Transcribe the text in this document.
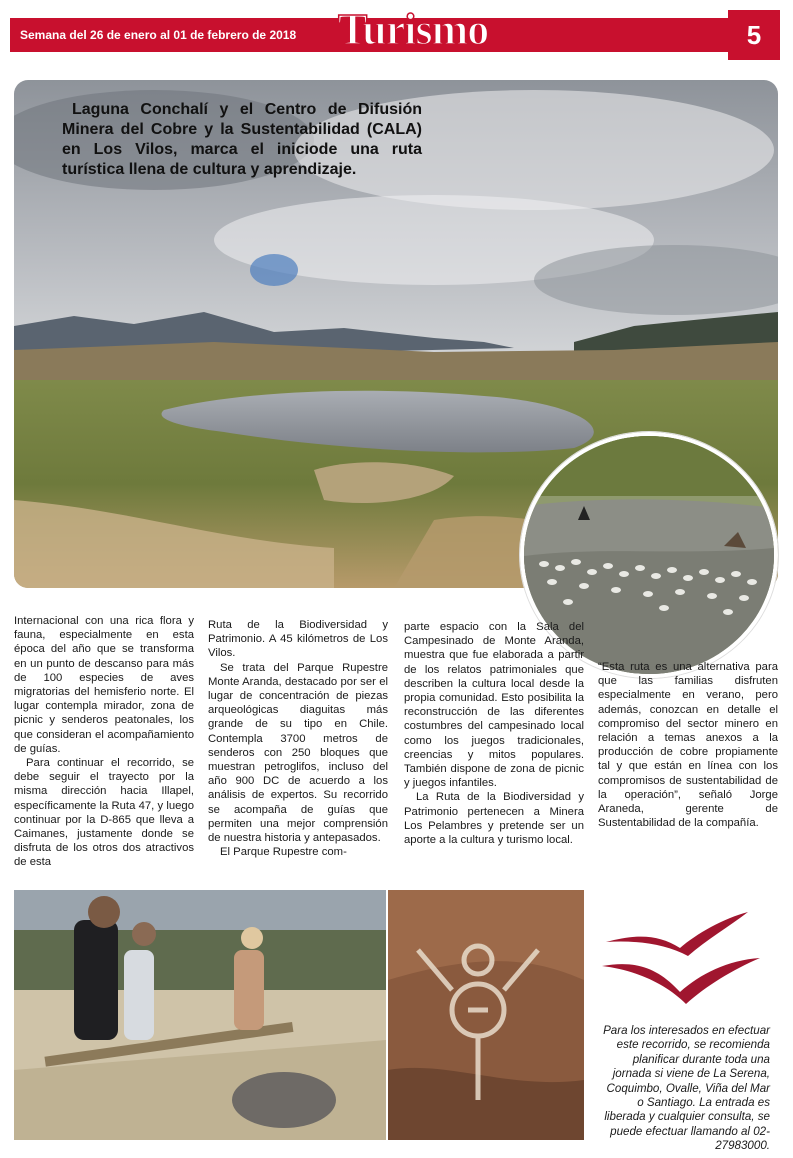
Semana del 26 de enero al 01 de febrero de 2018 Turismo	5
Laguna Conchalí y el Centro de Difusión Minera del Cobre y la Sustentabilidad (CALA) en Los Vilos, marca el iniciode una ruta turística llena de cultura y aprendizaje.

Internacional con una rica flora y fauna, especialmente en esta época del año que se transforma en un punto de descanso para más de 100 especies de aves migratorias del hemisferio norte. El lugar contempla mirador, zona de picnic y senderos peatonales, los que consideran el acompañamiento de guías.

Para continuar el recorrido, se debe seguir el trayecto por la misma dirección hacia Illapel, específicamente la Ruta 47, y luego continuar por la D-865 que lleva a Caimanes, justamente donde se disfruta de los otros dos atractivos de esta

Ruta de la Biodiversidad y Patrimonio. A 45 kilómetros de Los Vilos.

Se trata del Parque Rupestre Monte Aranda, destacado por ser el lugar de concentración de piezas arqueológicas diaguitas más grande de su tipo en Chile. Contempla 3700 metros de senderos con 250 bloques que muestran petroglifos, incluso del año 900 DC de acuerdo a los análisis de expertos. Su recorrido se acompaña de guías que permiten una mejor comprensión de nuestra historia y antepasados.

El Parque Rupestre com-

parte espacio con la Sala del Campesinado de Monte Aranda, muestra que fue elaborada a partir de los relatos patrimoniales que describen la cultura local desde la propia comunidad. Esto posibilita la reconstrucción de las diferentes costumbres del campesinado local como los juegos tradicionales, creencias y mitos populares. También dispone de zona de picnic y juegos infantiles.

La Ruta de la Biodiversidad y Patrimonio pertenecen a Minera Los Pelambres y pretende ser un aporte a la cultura y turismo local.

“Esta ruta es una alternativa para que las familias disfruten especialmente en verano, pero además, conozcan en detalle el compromiso del sector minero en relación a temas anexos a la producción de cobre propiamente tal y que están en línea con los compromisos de sustentabilidad de la operación”, señaló Jorge Araneda, gerente de Sustentabilidad de la compañía.

Para los interesados en efectuar este recorrido, se recomienda planificar durante toda una jornada si viene de La Serena, Coquimbo, Ovalle, Viña del Mar o Santiago. La entrada es liberada y cualquier consulta, se puede efectuar llamando al 02-27983000.
